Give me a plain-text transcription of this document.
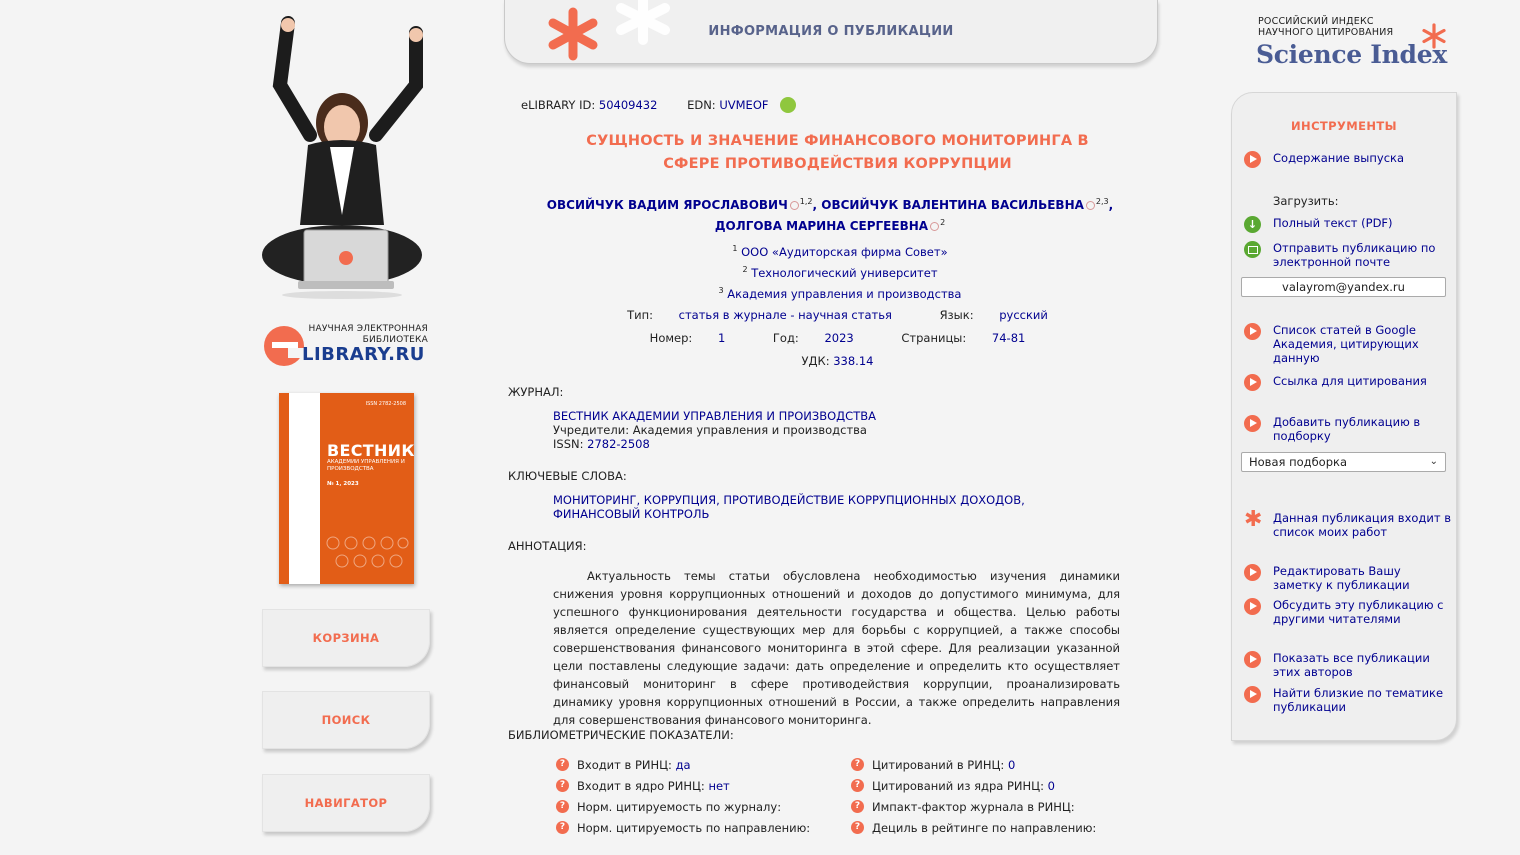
НАУЧНАЯ ЭЛЕКТРОННАЯ
БИБЛИОТЕКА
LIBRARY.RU
ISSN 2782-2508
ВЕСТНИК
АКАДЕМИИ УПРАВЛЕНИЯ И ПРОИЗВОДСТВА
№ 1, 2023
КОРЗИНА
ПОИСК
НАВИГАТОР
ИНФОРМАЦИЯ О ПУБЛИКАЦИИ
eLIBRARY ID: 50409432	EDN: UVMEOF
СУЩНОСТЬ И ЗНАЧЕНИЕ ФИНАНСОВОГО МОНИТОРИНГА В СФЕРЕ ПРОТИВОДЕЙСТВИЯ КОРРУПЦИИ
ОВСИЙЧУК ВАДИМ ЯРОСЛАВОВИЧ $^{1,2}$, ОВСИЙЧУК ВАЛЕНТИНА ВАСИЛЬЕВНА $^{2,3}$,
ДОЛГОВА МАРИНА СЕРГЕЕВНА $^2$
$^1$ ООО «Аудиторская фирма Совет»
$^2$ Технологический университет
$^3$ Академия управления и производства
Тип: статья в журнале - научная статья	Язык: русский
Номер: 1	Год: 2023	Страницы: 74-81
УДК: 338.14
ЖУРНАЛ:
ВЕСТНИК АКАДЕМИИ УПРАВЛЕНИЯ И ПРОИЗВОДСТВА
Учредители: Академия управления и производства
ISSN: 2782-2508
КЛЮЧЕВЫЕ СЛОВА:
МОНИТОРИНГ, КОРРУПЦИЯ, ПРОТИВОДЕЙСТВИЕ КОРРУПЦИОННЫХ ДОХОДОВ, ФИНАНСОВЫЙ КОНТРОЛЬ
АННОТАЦИЯ:
Актуальность темы статьи обусловлена необходимостью изучения динамики снижения уровня коррупционных отношений и доходов до допустимого минимума, для успешного функционирования деятельности государства и общества. Целью работы является определение существующих мер для борьбы с коррупцией, а также способы совершенствования финансового мониторинга в этой сфере. Для реализации указанной цели поставлены следующие задачи: дать определение и определить кто осуществляет финансовый мониторинг в сфере противодействия коррупции, проанализировать динамику уровня коррупционных отношений в России, а также определить направления для совершенствования финансового мониторинга.
БИБЛИОМЕТРИЧЕСКИЕ ПОКАЗАТЕЛИ:
?	Входит в РИНЦ:
да
?	Входит в ядро РИНЦ:
нет
?	Норм. цитируемость по журналу:
?	Норм. цитируемость по направлению:
?	Цитирований в РИНЦ:
0
?	Цитирований из ядра РИНЦ:
0
?	Импакт-фактор журнала в РИНЦ:
?	Дециль в рейтинге по направлению:
РОССИЙСКИЙ ИНДЕКС
НАУЧНОГО ЦИТИРОВАНИЯ
Science Index
ИНСТРУМЕНТЫ
Содержание выпуска
Загрузить:
↓
Полный текст (PDF)
Отправить публикацию по электронной почте
valayrom@yandex.ru
Список статей в Google Академия, цитирующих данную
Ссылка для цитирования
Добавить публикацию в подборку
Новая подборка	⌄
✱ Данная публикация входит в список моих работ
Редактировать Вашу заметку к публикации
Обсудить эту публикацию с другими читателями
Показать все публикации этих авторов
Найти близкие по тематике публикации
